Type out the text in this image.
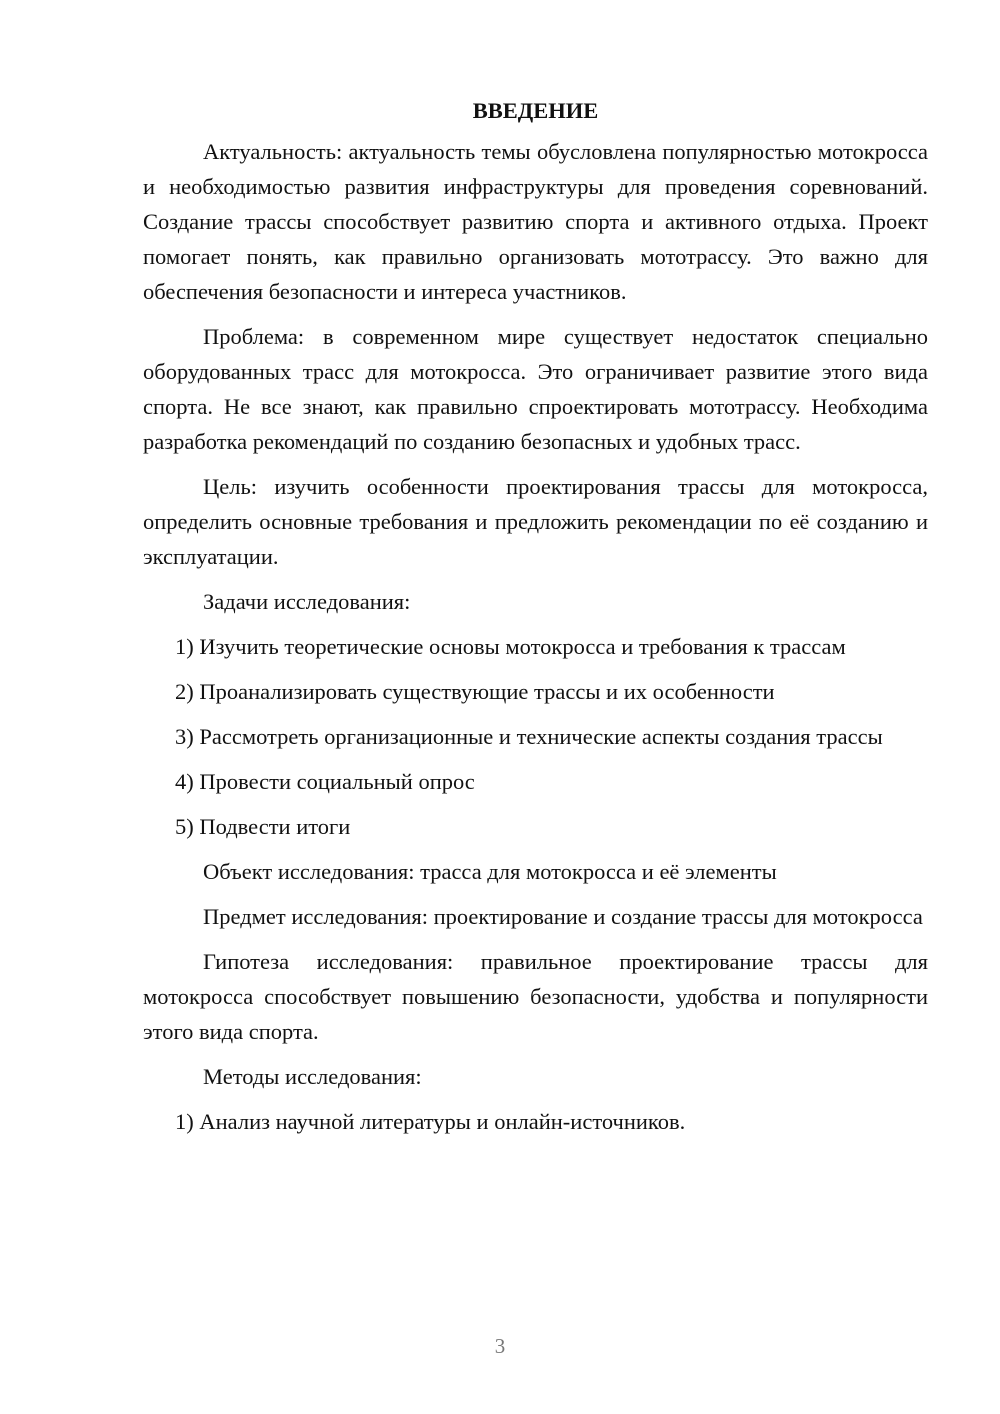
ВВЕДЕНИЕ

Актуальность: актуальность темы обусловлена популярностью мотокросса и необходимостью развития инфраструктуры для проведения соревнований. Создание трассы способствует развитию спорта и активного отдыха. Проект помогает понять, как правильно организовать мототрассу. Это важно для обеспечения безопасности и интереса участников.

Проблема: в современном мире существует недостаток специально оборудованных трасс для мотокросса. Это ограничивает развитие этого вида спорта. Не все знают, как правильно спроектировать мототрассу. Необходима разработка рекомендаций по созданию безопасных и удобных трасс.

Цель: изучить особенности проектирования трассы для мотокросса, определить основные требования и предложить рекомендации по её созданию и эксплуатации.

Задачи исследования:

1) Изучить теоретические основы мотокросса и требования к трассам

2) Проанализировать существующие трассы и их особенности

3) Рассмотреть организационные и технические аспекты создания трассы

4) Провести социальный опрос

5) Подвести итоги

Объект исследования: трасса для мотокросса и её элементы

Предмет исследования: проектирование и создание трассы для мотокросса

Гипотеза исследования: правильное проектирование трассы для мотокросса способствует повышению безопасности, удобства и популярности этого вида спорта.

Методы исследования:

1) Анализ научной литературы и онлайн-источников.

3
